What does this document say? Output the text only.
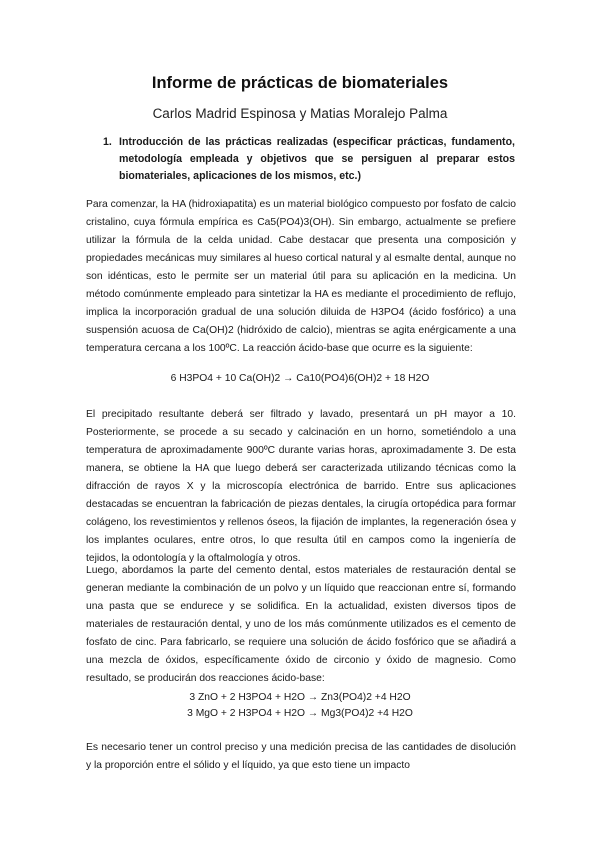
Informe de prácticas de biomateriales
Carlos Madrid Espinosa y Matias Moralejo Palma
1. Introducción de las prácticas realizadas (especificar prácticas, fundamento, metodología empleada y objetivos que se persiguen al preparar estos biomateriales, aplicaciones de los mismos, etc.)

Para comenzar, la HA (hidroxiapatita) es un material biológico compuesto por fosfato de calcio cristalino, cuya fórmula empírica es Ca5(PO4)3(OH). Sin embargo, actualmente se prefiere utilizar la fórmula de la celda unidad. Cabe destacar que presenta una composición y propiedades mecánicas muy similares al hueso cortical natural y al esmalte dental, aunque no son idénticas, esto le permite ser un material útil para su aplicación en la medicina. Un método comúnmente empleado para sintetizar la HA es mediante el procedimiento de reflujo, implica la incorporación gradual de una solución diluida de H3PO4 (ácido fosfórico) a una suspensión acuosa de Ca(OH)2 (hidróxido de calcio), mientras se agita enérgicamente a una temperatura cercana a los 100ºC. La reacción ácido-base que ocurre es la siguiente:

6 H3PO4 + 10 Ca(OH)2 → Ca10(PO4)6(OH)2 + 18 H2O

El precipitado resultante deberá ser filtrado y lavado, presentará un pH mayor a 10. Posteriormente, se procede a su secado y calcinación en un horno, sometiéndolo a una temperatura de aproximadamente 900ºC durante varias horas, aproximadamente 3. De esta manera, se obtiene la HA que luego deberá ser caracterizada utilizando técnicas como la difracción de rayos X y la microscopía electrónica de barrido. Entre sus aplicaciones destacadas se encuentran la fabricación de piezas dentales, la cirugía ortopédica para formar colágeno, los revestimientos y rellenos óseos, la fijación de implantes, la regeneración ósea y los implantes oculares, entre otros, lo que resulta útil en campos como la ingeniería de tejidos, la odontología y la oftalmología y otros.

Luego, abordamos la parte del cemento dental, estos materiales de restauración dental se generan mediante la combinación de un polvo y un líquido que reaccionan entre sí, formando una pasta que se endurece y se solidifica. En la actualidad, existen diversos tipos de materiales de restauración dental, y uno de los más comúnmente utilizados es el cemento de fosfato de cinc. Para fabricarlo, se requiere una solución de ácido fosfórico que se añadirá a una mezcla de óxidos, específicamente óxido de circonio y óxido de magnesio. Como resultado, se producirán dos reacciones ácido-base:

3 ZnO + 2 H3PO4 + H2O → Zn3(PO4)2 +4 H2O
3 MgO + 2 H3PO4 + H2O → Mg3(PO4)2 +4 H2O

Es necesario tener un control preciso y una medición precisa de las cantidades de disolución y la proporción entre el sólido y el líquido, ya que esto tiene un impacto
